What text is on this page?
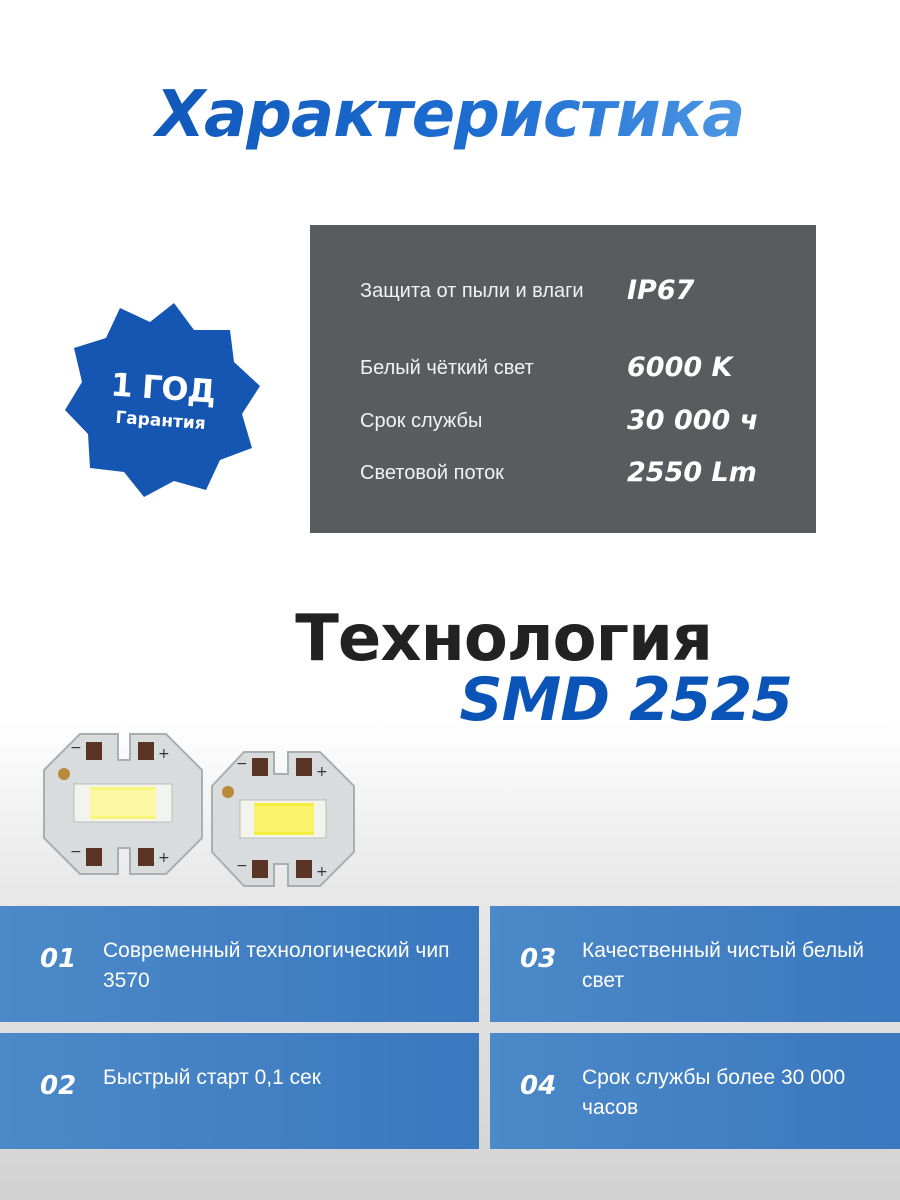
Характеристика
1 ГОД
Гарантия
Защита от пыли и влаги	IP67
Белый чёткий свет	6000 K
Срок службы	30 000 ч
Световой поток	2550 Lm
Технология
SMD 2525
−	+
−	+
−	+
−	+
01 Современный технологический чип 3570
02 Быстрый старт 0,1 сек
03 Качественный чистый белый свет
04 Срок службы более 30 000 часов
